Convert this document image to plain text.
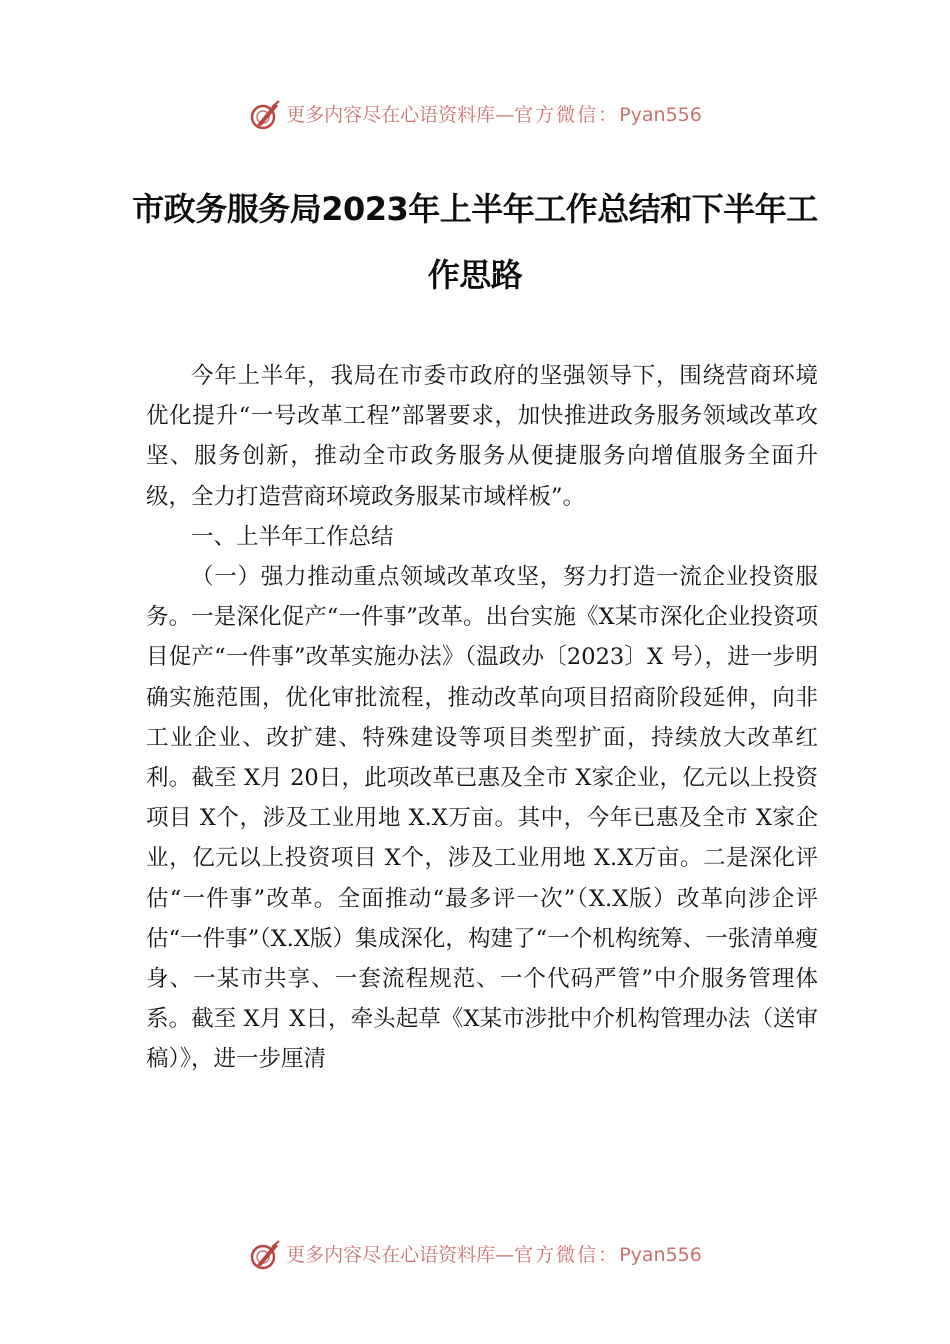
更多内容尽在心语资料库—官方微信：Pyan556
市政务服务局2023年上半年工作总结和下半年工作思路

今年上半年，我局在市委市政府的坚强领导下，围绕营商环境优化提升“一号改革工程”部署要求，加快推进政务服务领域改革攻坚、服务创新，推动全市政务服务从便捷服务向增值服务全面升级，全力打造营商环境政务服某市域样板”。

一、上半年工作总结

（一）强力推动重点领域改革攻坚，努力打造一流企业投资服务。一是深化促产“一件事”改革。出台实施《X某市深化企业投资项目促产“一件事”改革实施办法》（温政办〔2023〕X 号），进一步明确实施范围，优化审批流程，推动改革向项目招商阶段延伸，向非工业企业、改扩建、特殊建设等项目类型扩面，持续放大改革红利。截至 X月 20日，此项改革已惠及全市 X家企业，亿元以上投资项目 X个，涉及工业用地 X.X万亩。其中，今年已惠及全市 X家企业，亿元以上投资项目 X个，涉及工业用地 X.X万亩。二是深化评估“一件事”改革。全面推动“最多评一次”（X.X版）改革向涉企评估“一件事”（X.X版）集成深化，构建了“一个机构统筹、一张清单瘦身、一某市共享、一套流程规范、一个代码严管”中介服务管理体系。截至 X月 X日，牵头起草《X某市涉批中介机构管理办法（送审稿）》，进一步厘清

更多内容尽在心语资料库—官方微信：Pyan556
